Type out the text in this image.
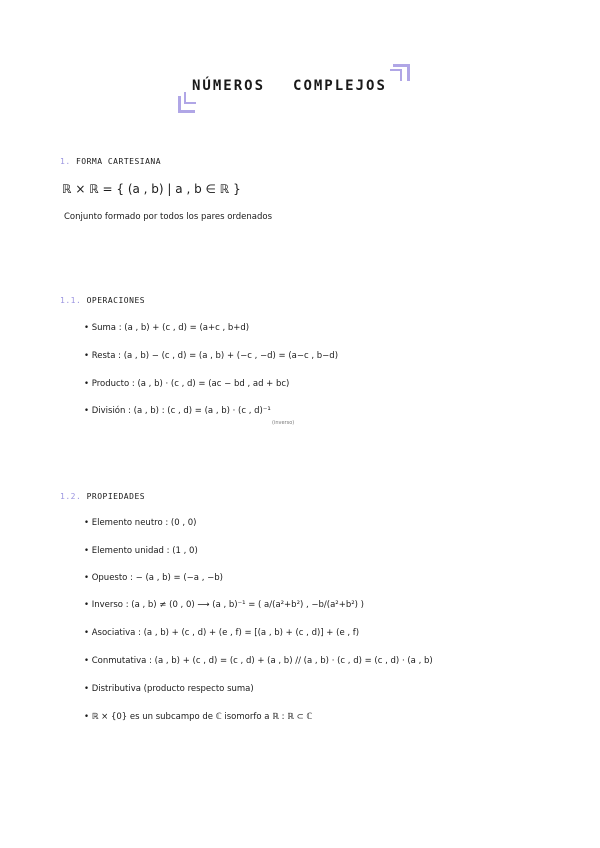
NÚMEROS COMPLEJOS
1. FORMA CARTESIANA
ℝ × ℝ = { (a , b) | a , b ∈ ℝ }
Conjunto formado por todos los pares ordenados
1.1. OPERACIONES
• Suma : (a , b) + (c , d) = (a+c , b+d)
• Resta : (a , b) − (c , d) = (a , b) + (−c , −d) = (a−c , b−d)
• Producto : (a , b) · (c , d) = (ac − bd , ad + bc)
• División : (a , b) : (c , d) = (a , b) · (c , d)⁻¹
(inverso)
1.2. PROPIEDADES
• Elemento neutro : (0 , 0)
• Elemento unidad : (1 , 0)
• Opuesto : − (a , b) = (−a , −b)
• Inverso : (a , b) ≠ (0 , 0) ⟶ (a , b)⁻¹ = ( a/(a²+b²) , −b/(a²+b²) )
• Asociativa : (a , b) + (c , d) + (e , f) = [(a , b) + (c , d)] + (e , f)
• Conmutativa : (a , b) + (c , d) = (c , d) + (a , b) // (a , b) · (c , d) = (c , d) · (a , b)
• Distributiva (producto respecto suma)
• ℝ × {0} es un subcampo de ℂ isomorfo a ℝ : ℝ ⊂ ℂ
